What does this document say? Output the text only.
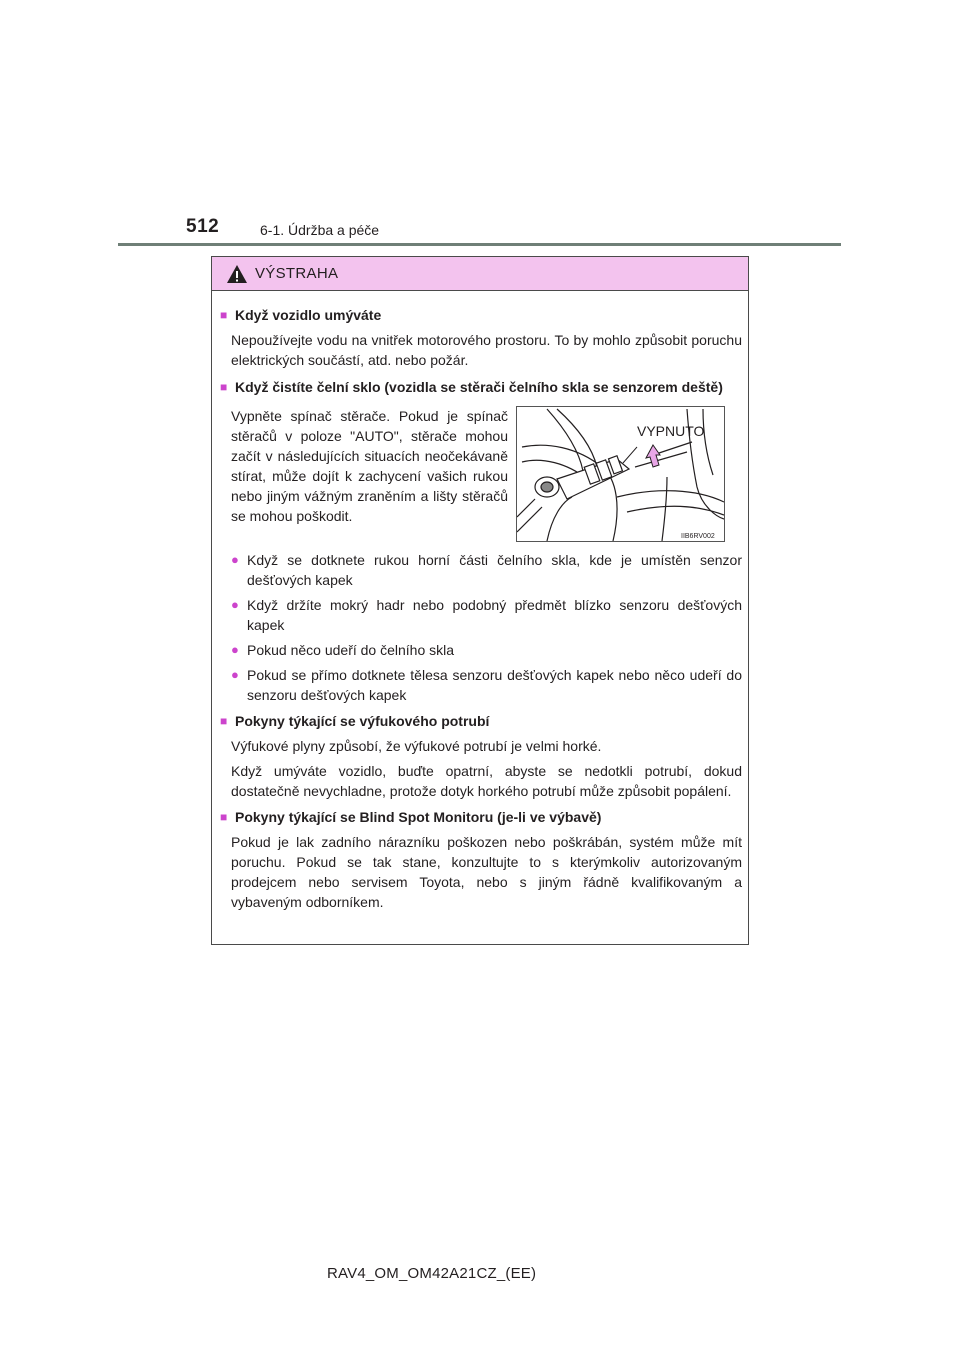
512	6-1. Údržba a péče
VÝSTRAHA
■ Když vozidlo umýváte
Nepoužívejte vodu na vnitřek motorového prostoru. To by mohlo způsobit poruchu elektrických součástí, atd. nebo požár.
■ Když čistíte čelní sklo (vozidla se stěrači čelního skla se senzorem deště)
Vypněte spínač stěrače. Pokud je spínač stěračů v poloze "AUTO", stěrače mohou začít v následujících situacích neočekávaně stírat, může dojít k zachycení vašich rukou nebo jiným vážným zraněním a lišty stěračů se mohou poškodit.
VYPNUTO
IIB6RV002
● Když se dotknete rukou horní části čelního skla, kde je umístěn senzor dešťových kapek
● Když držíte mokrý hadr nebo podobný předmět blízko senzoru dešťových kapek
● Pokud něco udeří do čelního skla
● Pokud se přímo dotknete tělesa senzoru dešťových kapek nebo něco udeří do senzoru dešťových kapek
■ Pokyny týkající se výfukového potrubí
Výfukové plyny způsobí, že výfukové potrubí je velmi horké.
Když umýváte vozidlo, buďte opatrní, abyste se nedotkli potrubí, dokud dostatečně nevychladne, protože dotyk horkého potrubí může způsobit popálení.
■ Pokyny týkající se Blind Spot Monitoru (je-li ve výbavě)
Pokud je lak zadního nárazníku poškozen nebo poškrábán, systém může mít poruchu. Pokud se tak stane, konzultujte to s kterýmkoliv autorizovaným prodejcem nebo servisem Toyota, nebo s jiným řádně kvalifikovaným a vybaveným odborníkem.
RAV4_OM_OM42A21CZ_(EE)
